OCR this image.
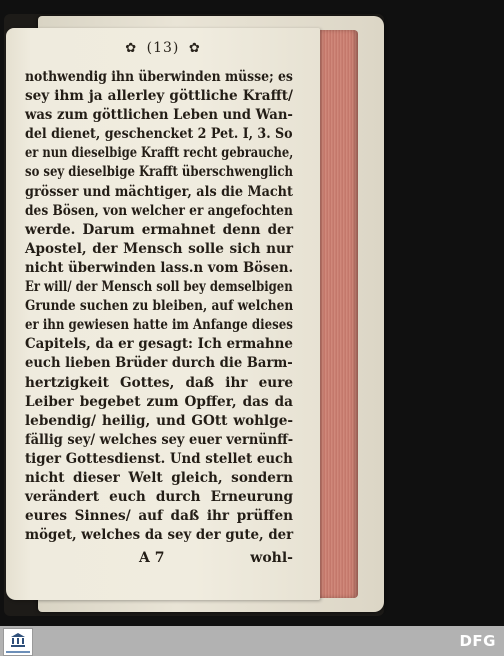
✿ (13) ✿
nothwendig ihn überwinden müsse; es
sey ihm ja allerley göttliche Krafft/
was zum göttlichen Leben und Wan-
del dienet, geschencket 2 Pet. I, 3. So
er nun dieselbige Krafft recht gebrauche,
so sey dieselbige Krafft überschwenglich
grösser und mächtiger, als die Macht
des Bösen, von welcher er angefochten
werde. Darum ermahnet denn der
Apostel, der Mensch solle sich nur
nicht überwinden lass.n vom Bösen.
Er will/ der Mensch soll bey demselbigen
Grunde suchen zu bleiben, auf welchen
er ihn gewiesen hatte im Anfange dieses
Capitels, da er gesagt: Ich ermahne
euch lieben Brüder durch die Barm-
hertzigkeit Gottes, daß ihr eure
Leiber begebet zum Opffer, das da
lebendig/ heilig, und GOtt wohlge-
fällig sey/ welches sey euer vernünff-
tiger Gottesdienst. Und stellet euch
nicht dieser Welt gleich, sondern
verändert euch durch Erneurung
eures Sinnes/ auf daß ihr prüffen
möget, welches da sey der gute, der
A 7	wohl-
DFG
